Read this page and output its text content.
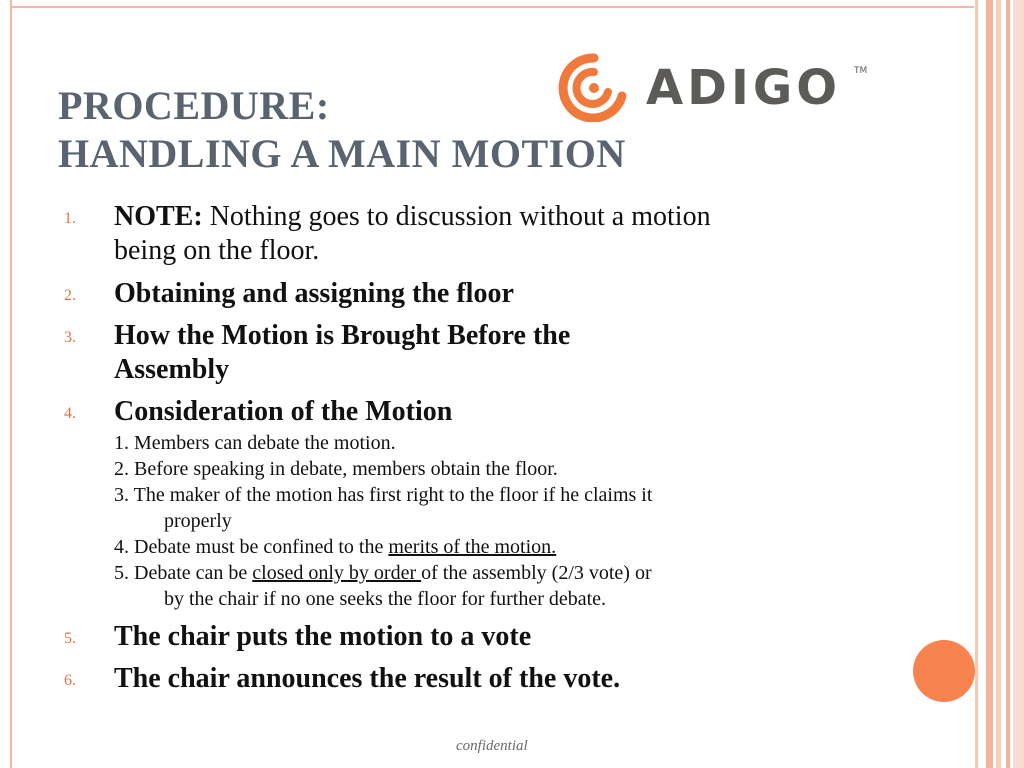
PROCEDURE:
HANDLING A MAIN MOTION
ADIGO TM
1.	NOTE: Nothing goes to discussion without a motion
being on the floor.
2.	Obtaining and assigning the floor
3.	How the Motion is Brought Before the
Assembly
4.	Consideration of the Motion
1. Members can debate the motion.
2. Before speaking in debate, members obtain the floor.
3. The maker of the motion has first right to the floor if he claims it
properly
4. Debate must be confined to the merits of the motion.
5. Debate can be closed only by order of the assembly (2/3 vote) or
by the chair if no one seeks the floor for further debate.
5.	The chair puts the motion to a vote
6.	The chair announces the result of the vote.
confidential
